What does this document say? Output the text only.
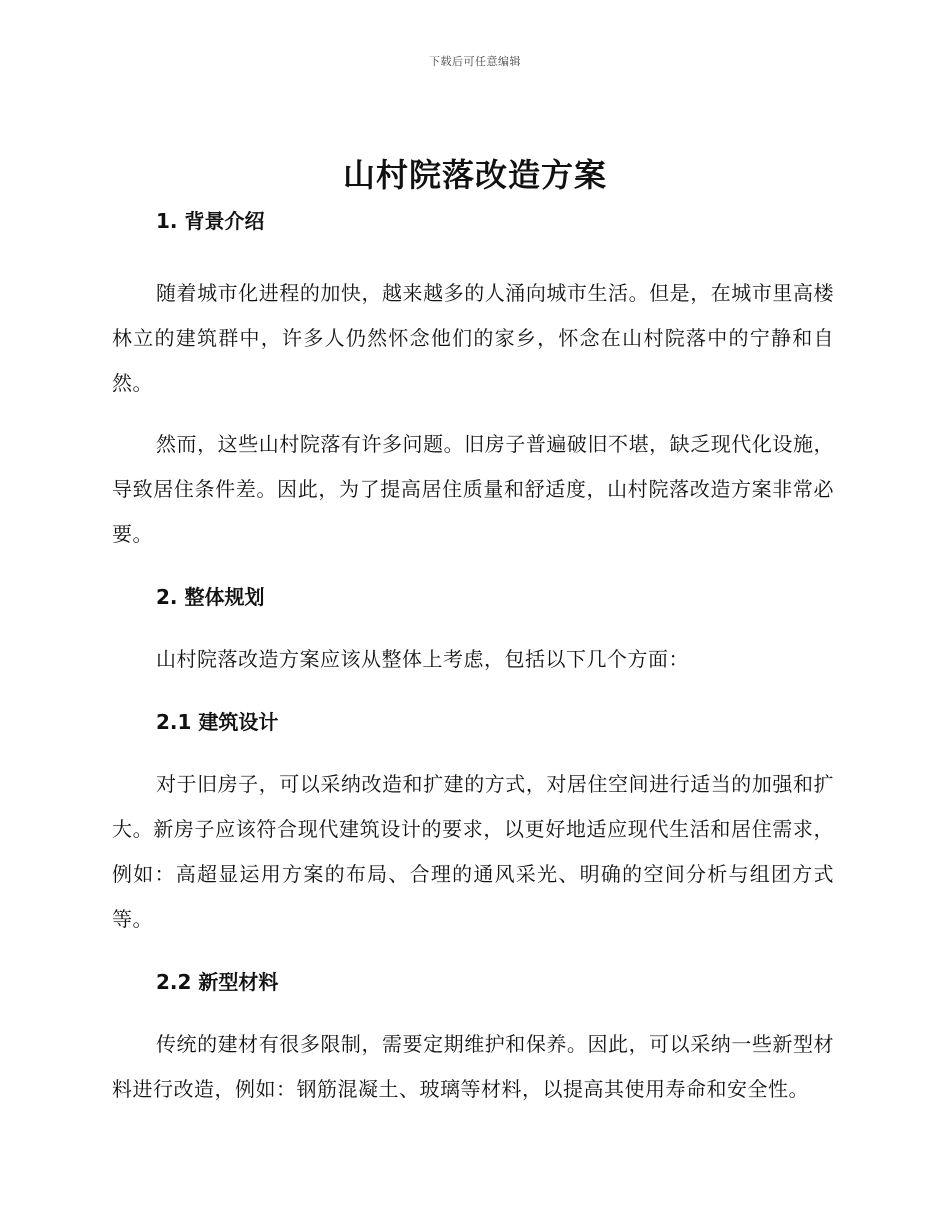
下载后可任意编辑
山村院落改造方案
1. 背景介绍

随着城市化进程的加快，越来越多的人涌向城市生活。但是，在城市里高楼林立的建筑群中，许多人仍然怀念他们的家乡，怀念在山村院落中的宁静和自然。

然而，这些山村院落有许多问题。旧房子普遍破旧不堪，缺乏现代化设施，导致居住条件差。因此，为了提高居住质量和舒适度，山村院落改造方案非常必要。

2. 整体规划

山村院落改造方案应该从整体上考虑，包括以下几个方面：

2.1 建筑设计

对于旧房子，可以采纳改造和扩建的方式，对居住空间进行适当的加强和扩大。新房子应该符合现代建筑设计的要求，以更好地适应现代生活和居住需求，例如：高超显运用方案的布局、合理的通风采光、明确的空间分析与组团方式等。

2.2 新型材料

传统的建材有很多限制，需要定期维护和保养。因此，可以采纳一些新型材料进行改造，例如：钢筋混凝土、玻璃等材料，以提高其使用寿命和安全性。
